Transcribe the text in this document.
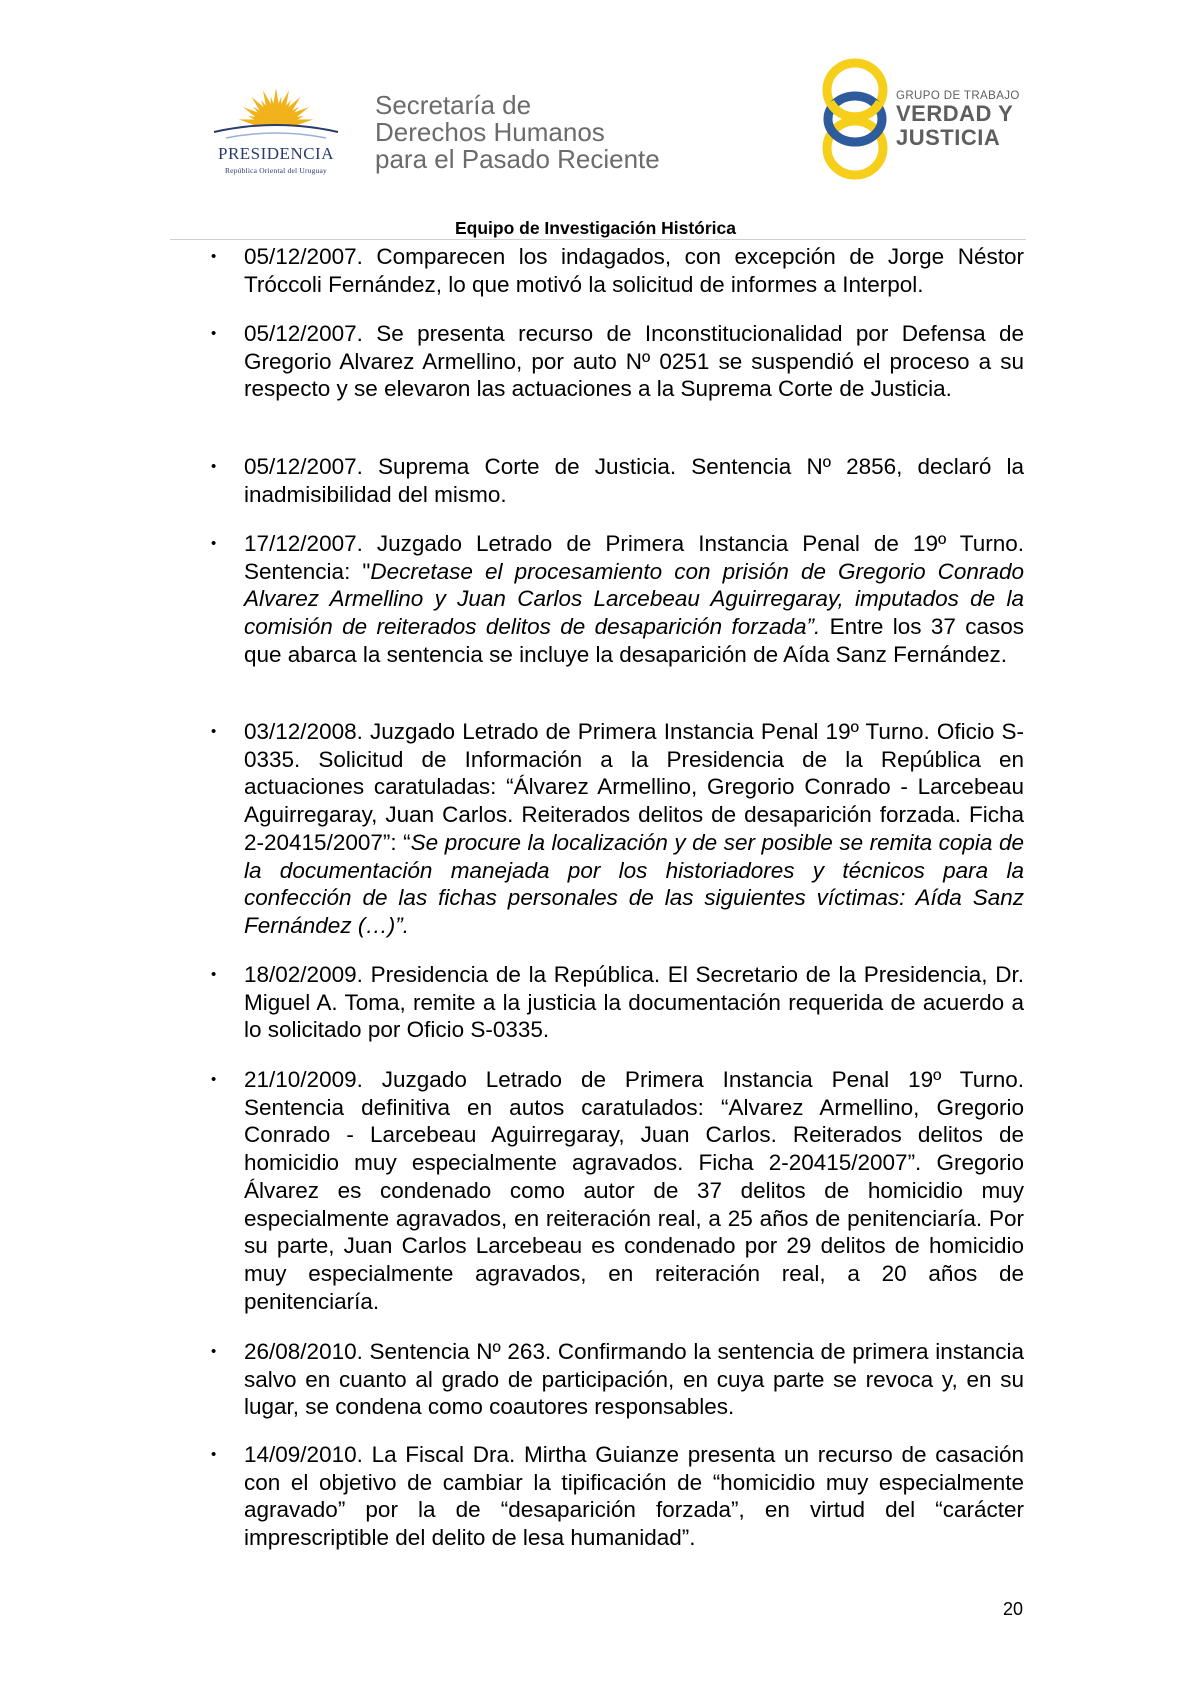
PRESIDENCIA
República Oriental del Uruguay
Secretaría de
Derechos Humanos
para el Pasado Reciente
GRUPO DE TRABAJO
VERDAD Y
JUSTICIA
Equipo de Investigación Histórica
• 05/12/2007. Comparecen los indagados, con excepción de Jorge Néstor Tróccoli Fernández, lo que motivó la solicitud de informes a Interpol.
• 05/12/2007. Se presenta recurso de Inconstitucionalidad por Defensa de Gregorio Alvarez Armellino, por auto Nº 0251 se suspendió el proceso a su respecto y se elevaron las actuaciones a la Suprema Corte de Justicia.
• 05/12/2007. Suprema Corte de Justicia. Sentencia Nº 2856, declaró la inadmisibilidad del mismo.
• 17/12/2007. Juzgado Letrado de Primera Instancia Penal de 19º Turno. Sentencia: "Decretase el procesamiento con prisión de Gregorio Conrado Alvarez Armellino y Juan Carlos Larcebeau Aguirregaray, imputados de la comisión de reiterados delitos de desaparición forzada”. Entre los 37 casos que abarca la sentencia se incluye la desaparición de Aída Sanz Fernández.
• 03/12/2008. Juzgado Letrado de Primera Instancia Penal 19º Turno. Oficio S-0335. Solicitud de Información a la Presidencia de la República en actuaciones caratuladas: “Álvarez Armellino, Gregorio Conrado - Larcebeau Aguirregaray, Juan Carlos. Reiterados delitos de desaparición forzada. Ficha 2-20415/2007”: “Se procure la localización y de ser posible se remita copia de la documentación manejada por los historiadores y técnicos para la confección de las fichas personales de las siguientes víctimas: Aída Sanz Fernández (…)”.
• 18/02/2009. Presidencia de la República. El Secretario de la Presidencia, Dr. Miguel A. Toma, remite a la justicia la documentación requerida de acuerdo a lo solicitado por Oficio S-0335.
• 21/10/2009. Juzgado Letrado de Primera Instancia Penal 19º Turno. Sentencia definitiva en autos caratulados: “Alvarez Armellino, Gregorio Conrado - Larcebeau Aguirregaray, Juan Carlos. Reiterados delitos de homicidio muy especialmente agravados. Ficha 2-20415/2007”. Gregorio Álvarez es condenado como autor de 37 delitos de homicidio muy especialmente agravados, en reiteración real, a 25 años de penitenciaría. Por su parte, Juan Carlos Larcebeau es condenado por 29 delitos de homicidio muy especialmente agravados, en reiteración real, a 20 años de penitenciaría.
• 26/08/2010. Sentencia Nº 263. Confirmando la sentencia de primera instancia salvo en cuanto al grado de participación, en cuya parte se revoca y, en su lugar, se condena como coautores responsables.
• 14/09/2010. La Fiscal Dra. Mirtha Guianze presenta un recurso de casación con el objetivo de cambiar la tipificación de “homicidio muy especialmente agravado” por la de “desaparición forzada”, en virtud del “carácter imprescriptible del delito de lesa humanidad”.
20
